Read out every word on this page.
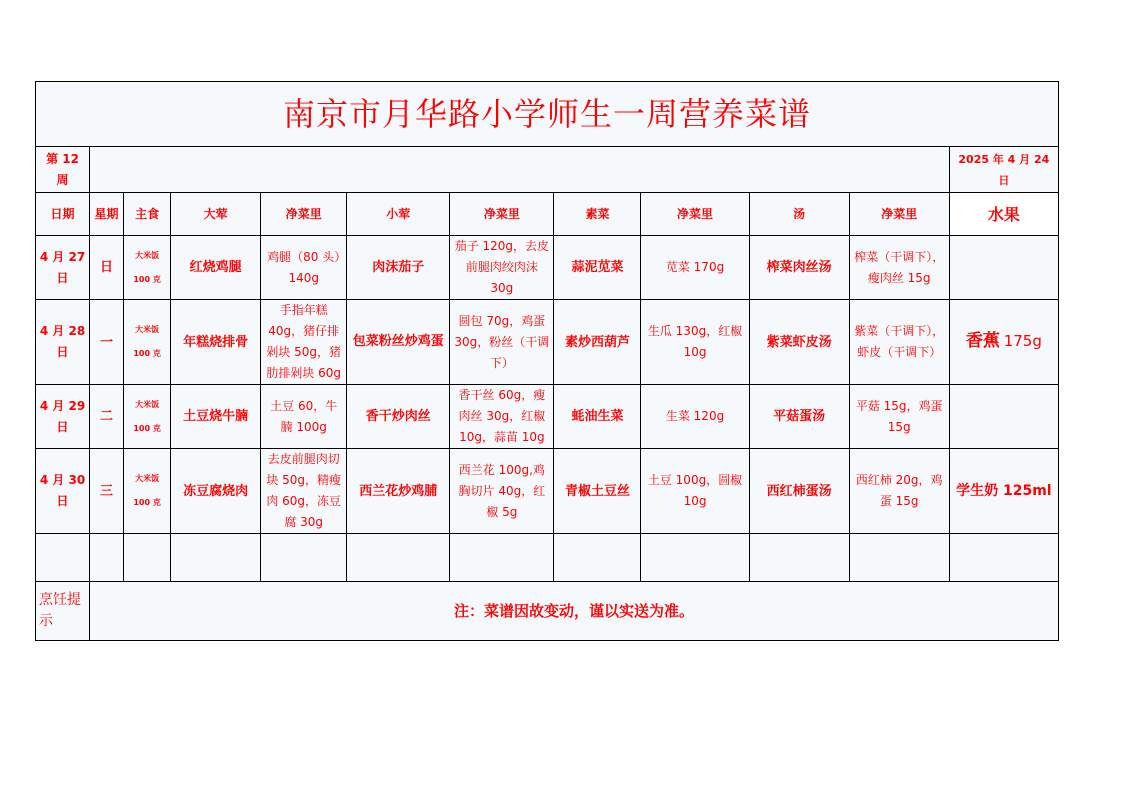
南京市月华路小学师生一周营养菜谱											
第 12 周											2025 年 4 月 24 日
日期	星期	主食	大荤	净菜里	小荤	净菜里	素菜	净菜里	汤	净菜里	水果
4 月 27 日	日	大米饭 100 克	红烧鸡腿	鸡腿（80 头）140g	肉沫茄子	茄子 120g，去皮前腿肉绞肉沫 30g	蒜泥苋菜	苋菜 170g	榨菜肉丝汤	榨菜（干调下），瘦肉丝 15g	
4 月 28 日	一	大米饭 100 克	年糕烧排骨	手指年糕 40g，猪仔排剁块 50g，猪肋排剁块 60g	包菜粉丝炒鸡蛋	圆包 70g，鸡蛋 30g，粉丝（干调下）	素炒西葫芦	生瓜 130g，红椒 10g	紫菜虾皮汤	紫菜（干调下），虾皮（干调下）	香蕉 175g
4 月 29 日	二	大米饭 100 克	土豆烧牛腩	土豆 60，牛腩 100g	香干炒肉丝	香干丝 60g，瘦肉丝 30g，红椒 10g，蒜苗 10g	蚝油生菜	生菜 120g	平菇蛋汤	平菇 15g，鸡蛋 15g	
4 月 30 日	三	大米饭 100 克	冻豆腐烧肉	去皮前腿肉切块 50g，精瘦肉 60g，冻豆腐 30g	西兰花炒鸡脯	西兰花 100g,鸡胸切片 40g，红椒 5g	青椒土豆丝	土豆 100g，圆椒 10g	西红柿蛋汤	西红柿 20g，鸡蛋 15g	学生奶 125ml

烹饪提示	注：菜谱因故变动，谨以实送为准。										
